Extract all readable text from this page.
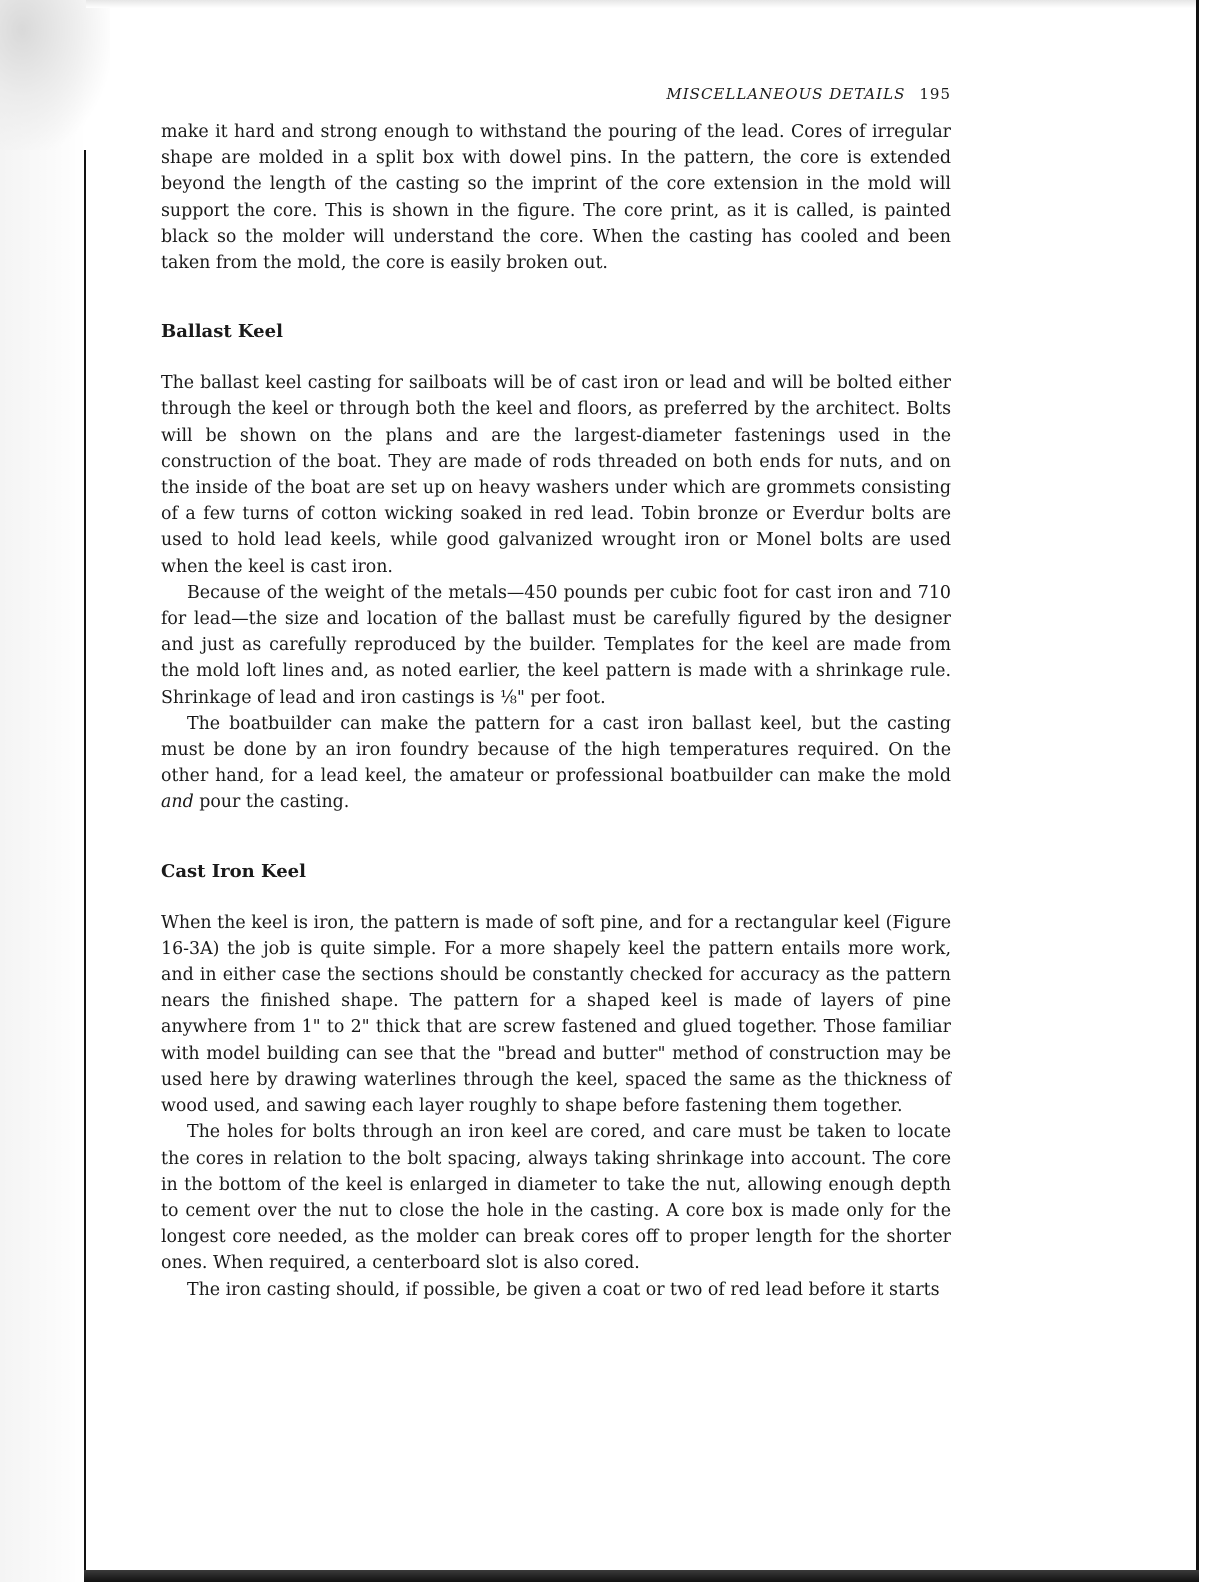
MISCELLANEOUS DETAILS 195

make it hard and strong enough to withstand the pouring of the lead. Cores of irregular shape are molded in a split box with dowel pins. In the pattern, the core is extended beyond the length of the casting so the imprint of the core extension in the mold will support the core. This is shown in the figure. The core print, as it is called, is painted black so the molder will understand the core. When the casting has cooled and been taken from the mold, the core is easily broken out.

Ballast Keel

The ballast keel casting for sailboats will be of cast iron or lead and will be bolted either through the keel or through both the keel and floors, as preferred by the architect. Bolts will be shown on the plans and are the largest-diameter fastenings used in the construction of the boat. They are made of rods threaded on both ends for nuts, and on the inside of the boat are set up on heavy washers under which are grommets consisting of a few turns of cotton wicking soaked in red lead. Tobin bronze or Everdur bolts are used to hold lead keels, while good galvanized wrought iron or Monel bolts are used when the keel is cast iron.

Because of the weight of the metals—450 pounds per cubic foot for cast iron and 710 for lead—the size and location of the ballast must be carefully figured by the designer and just as carefully reproduced by the builder. Templates for the keel are made from the mold loft lines and, as noted earlier, the keel pattern is made with a shrinkage rule. Shrinkage of lead and iron castings is ⅛" per foot.

The boatbuilder can make the pattern for a cast iron ballast keel, but the casting must be done by an iron foundry because of the high temperatures required. On the other hand, for a lead keel, the amateur or professional boatbuilder can make the mold and pour the casting.

Cast Iron Keel

When the keel is iron, the pattern is made of soft pine, and for a rectangular keel (Figure 16-3A) the job is quite simple. For a more shapely keel the pattern entails more work, and in either case the sections should be constantly checked for accuracy as the pattern nears the finished shape. The pattern for a shaped keel is made of layers of pine anywhere from 1" to 2" thick that are screw fastened and glued together. Those familiar with model building can see that the "bread and butter" method of construction may be used here by drawing waterlines through the keel, spaced the same as the thickness of wood used, and sawing each layer roughly to shape before fastening them together.

The holes for bolts through an iron keel are cored, and care must be taken to locate the cores in relation to the bolt spacing, always taking shrinkage into account. The core in the bottom of the keel is enlarged in diameter to take the nut, allowing enough depth to cement over the nut to close the hole in the casting. A core box is made only for the longest core needed, as the molder can break cores off to proper length for the shorter ones. When required, a centerboard slot is also cored.

The iron casting should, if possible, be given a coat or two of red lead before it starts
